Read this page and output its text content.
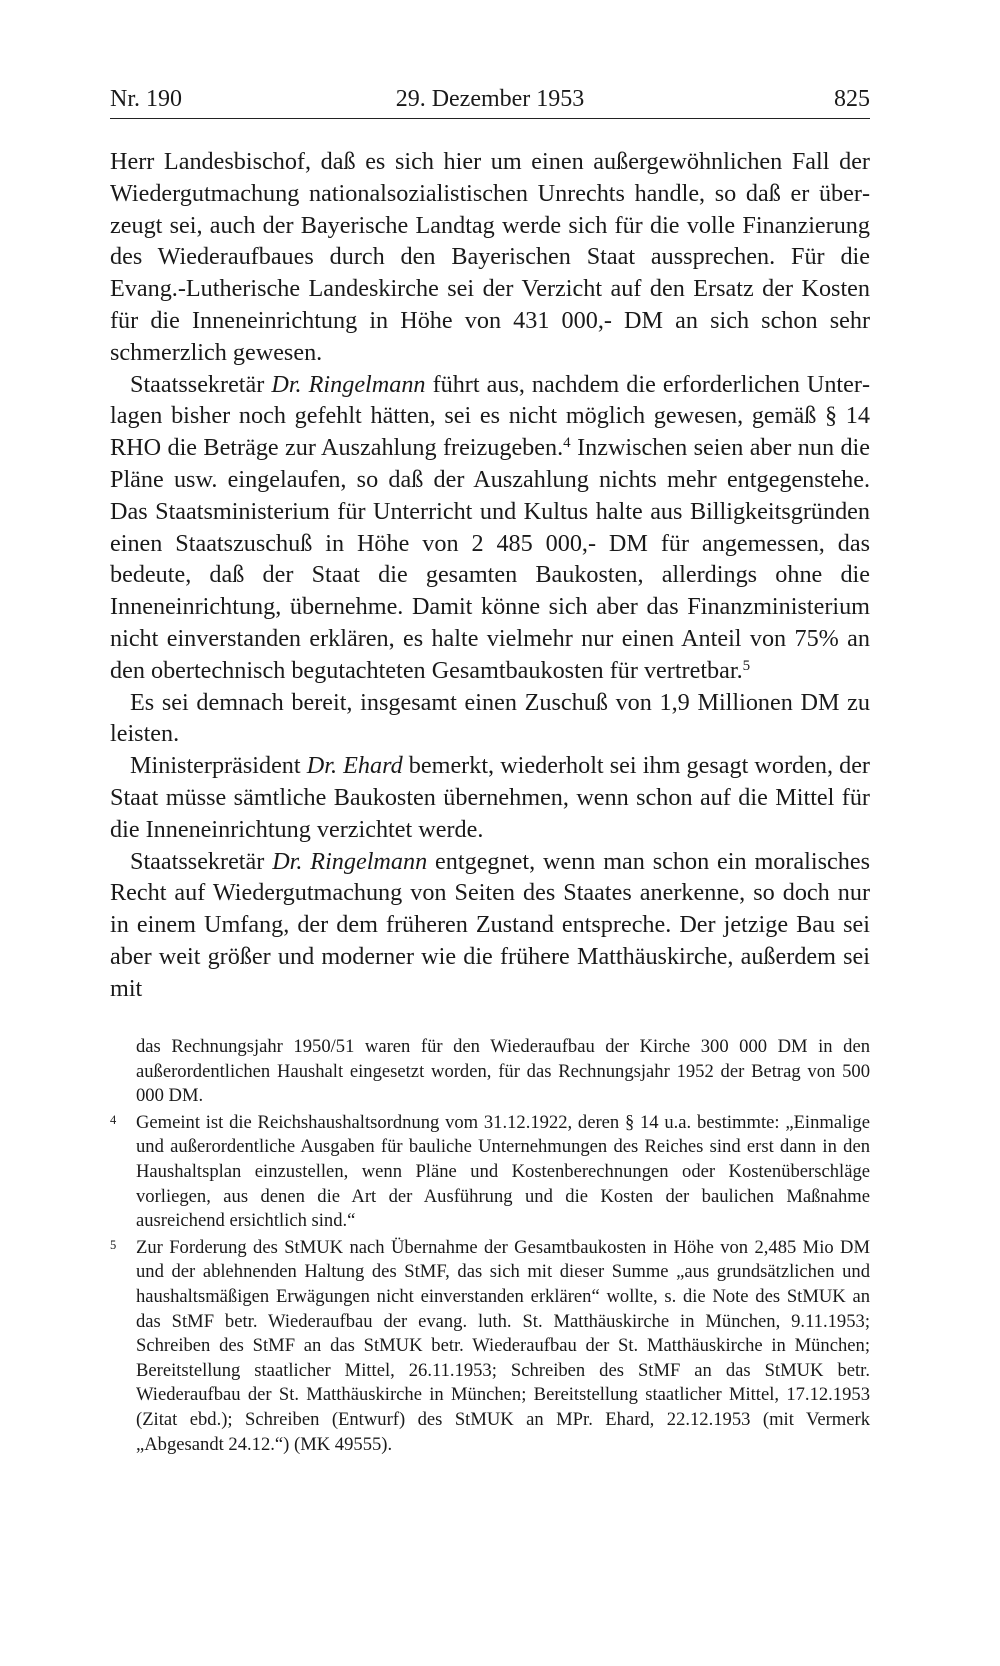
Nr. 190	29. Dezember 1953	825

Herr Landesbischof, daß es sich hier um einen außergewöhnlichen Fall der Wiedergutmachung nationalsozialistischen Unrechts handle, so daß er überzeugt sei, auch der Bayerische Landtag werde sich für die volle Finanzierung des Wiederaufbaues durch den Bayerischen Staat aussprechen. Für die Evang.-Lutherische Landeskirche sei der Verzicht auf den Ersatz der Kosten für die Inneneinrichtung in Höhe von 431 000,- DM an sich schon sehr schmerzlich gewesen.

Staatssekretär Dr. Ringelmann führt aus, nachdem die erforderlichen Unterlagen bisher noch gefehlt hätten, sei es nicht möglich gewesen, gemäß § 14 RHO die Beträge zur Auszahlung freizugeben.$^4$ Inzwischen seien aber nun die Pläne usw. eingelaufen, so daß der Auszahlung nichts mehr entgegenstehe. Das Staatsministerium für Unterricht und Kultus halte aus Billigkeitsgründen einen Staatszuschuß in Höhe von 2 485 000,- DM für angemessen, das bedeute, daß der Staat die gesamten Baukosten, allerdings ohne die Inneneinrichtung, übernehme. Damit könne sich aber das Finanzministerium nicht einverstanden erklären, es halte vielmehr nur einen Anteil von 75% an den obertechnisch begutachteten Gesamtbaukosten für vertretbar.$^5$

Es sei demnach bereit, insgesamt einen Zuschuß von 1,9 Millionen DM zu leisten.

Ministerpräsident Dr. Ehard bemerkt, wiederholt sei ihm gesagt worden, der Staat müsse sämtliche Baukosten übernehmen, wenn schon auf die Mittel für die Inneneinrichtung verzichtet werde.

Staatssekretär Dr. Ringelmann entgegnet, wenn man schon ein moralisches Recht auf Wiedergutmachung von Seiten des Staates anerkenne, so doch nur in einem Umfang, der dem früheren Zustand entspreche. Der jetzige Bau sei aber weit größer und moderner wie die frühere Matthäuskirche, außerdem sei mit

das Rechnungsjahr 1950/51 waren für den Wiederaufbau der Kirche 300 000 DM in den außerordentlichen Haushalt eingesetzt worden, für das Rechnungsjahr 1952 der Betrag von 500 000 DM.
4 Gemeint ist die Reichshaushaltsordnung vom 31.12.1922, deren § 14 u.a. bestimmte: „Einmalige und außerordentliche Ausgaben für bauliche Unternehmungen des Reiches sind erst dann in den Haushaltsplan einzustellen, wenn Pläne und Kostenberechnungen oder Kostenüberschläge vorliegen, aus denen die Art der Ausführung und die Kosten der baulichen Maßnahme ausreichend ersichtlich sind.“
5 Zur Forderung des StMUK nach Übernahme der Gesamtbaukosten in Höhe von 2,485 Mio DM und der ablehnenden Haltung des StMF, das sich mit dieser Summe „aus grundsätzlichen und haushaltsmäßigen Erwägungen nicht einverstanden erklären“ wollte, s. die Note des StMUK an das StMF betr. Wiederaufbau der evang. luth. St. Matthäuskirche in München, 9.11.1953; Schreiben des StMF an das StMUK betr. Wiederaufbau der St. Matthäuskirche in München; Bereitstellung staatlicher Mittel, 26.11.1953; Schreiben des StMF an das StMUK betr. Wiederaufbau der St. Matthäuskirche in München; Bereitstellung staatlicher Mittel, 17.12.1953 (Zitat ebd.); Schreiben (Entwurf) des StMUK an MPr. Ehard, 22.12.1953 (mit Vermerk „Abgesandt 24.12.“) (MK 49555).
